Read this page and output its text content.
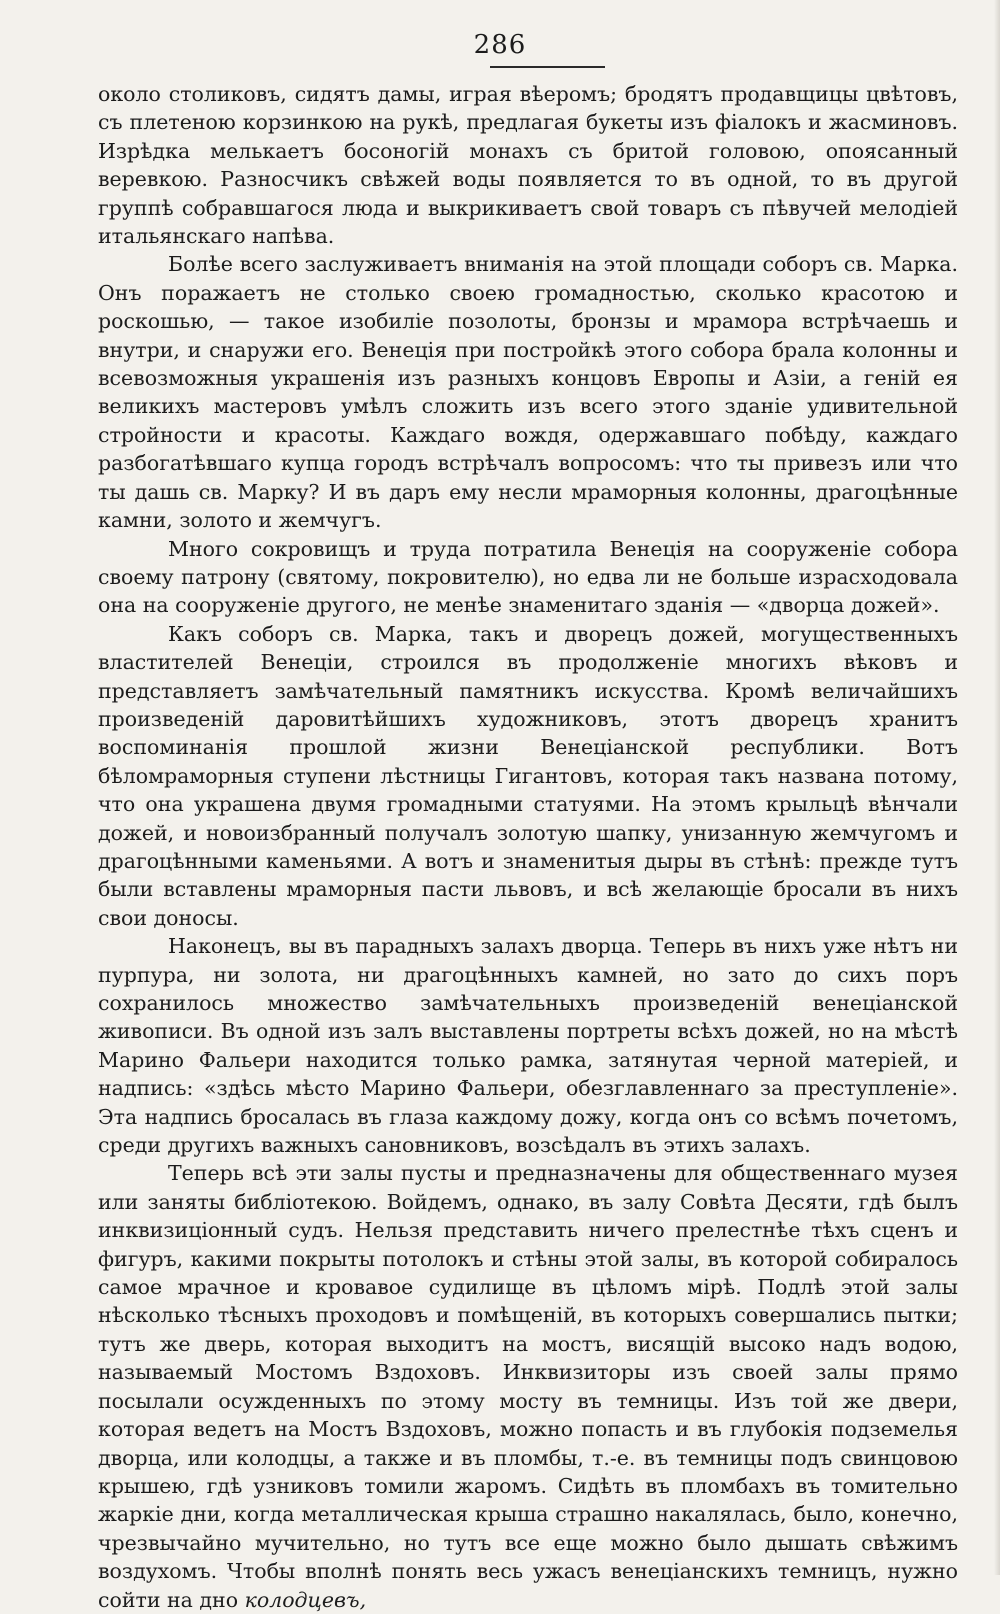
286

около столиковъ, сидятъ дамы, играя вѣеромъ; бродятъ продавщицы цвѣтовъ, съ плетеною корзинкою на рукѣ, предлагая букеты изъ фіалокъ и жасминовъ. Изрѣдка мелькаетъ босоногій монахъ съ бритой головою, опоясанный веревкою. Разносчикъ свѣжей воды появляется то въ одной, то въ другой группѣ собравшагося люда и выкрикиваетъ свой товаръ съ пѣвучей мелодіей итальянскаго напѣва.

Болѣе всего заслуживаетъ вниманія на этой площади соборъ св. Марка. Онъ поражаетъ не столько своею громадностью, сколько красотою и роскошью, — такое изобиліе позолоты, бронзы и мрамора встрѣчаешь и внутри, и снаружи его. Венеція при постройкѣ этого собора брала колонны и всевозможныя украшенія изъ разныхъ концовъ Европы и Азіи, а геній ея великихъ мастеровъ умѣлъ сложить изъ всего этого зданіе удивительной стройности и красоты. Каждаго вождя, одержавшаго побѣду, каждаго разбогатѣвшаго купца городъ встрѣчалъ вопросомъ: что ты привезъ или что ты дашь св. Марку? И въ даръ ему несли мраморныя колонны, драгоцѣнные камни, золото и жемчугъ.

Много сокровищъ и труда потратила Венеція на сооруженіе собора своему патрону (святому, покровителю), но едва ли не больше израсходовала она на сооруженіе другого, не менѣе знаменитаго зданія — «дворца дожей».

Какъ соборъ св. Марка, такъ и дворецъ дожей, могущественныхъ властителей Венеціи, строился въ продолженіе многихъ вѣковъ и представляетъ замѣчательный памятникъ искусства. Кромѣ величайшихъ произведеній даровитѣйшихъ художниковъ, этотъ дворецъ хранитъ воспоминанія прошлой жизни Венеціанской республики. Вотъ бѣломраморныя ступени лѣстницы Гигантовъ, которая такъ названа потому, что она украшена двумя громадными статуями. На этомъ крыльцѣ вѣнчали дожей, и новоизбранный получалъ золотую шапку, унизанную жемчугомъ и драгоцѣнными каменьями. А вотъ и знаменитыя дыры въ стѣнѣ: прежде тутъ были вставлены мраморныя пасти львовъ, и всѣ желающіе бросали въ нихъ свои доносы.

Наконецъ, вы въ парадныхъ залахъ дворца. Теперь въ нихъ уже нѣтъ ни пурпура, ни золота, ни драгоцѣнныхъ камней, но зато до сихъ поръ сохранилось множество замѣчательныхъ произведеній венеціанской живописи. Въ одной изъ залъ выставлены портреты всѣхъ дожей, но на мѣстѣ Марино Фальери находится только рамка, затянутая черной матеріей, и надпись: «здѣсь мѣсто Марино Фальери, обезглавленнаго за преступленіе». Эта надпись бросалась въ глаза каждому дожу, когда онъ со всѣмъ почетомъ, среди другихъ важныхъ сановниковъ, возсѣдалъ въ этихъ залахъ.

Теперь всѣ эти залы пусты и предназначены для общественнаго музея или заняты библіотекою. Войдемъ, однако, въ залу Совѣта Десяти, гдѣ былъ инквизиціонный судъ. Нельзя представить ничего прелестнѣе тѣхъ сценъ и фигуръ, какими покрыты потолокъ и стѣны этой залы, въ которой собиралось самое мрачное и кровавое судилище въ цѣломъ мірѣ. Подлѣ этой залы нѣсколько тѣсныхъ проходовъ и помѣщеній, въ которыхъ совершались пытки; тутъ же дверь, которая выходитъ на мостъ, висящій высоко надъ водою, называемый Мостомъ Вздоховъ. Инквизиторы изъ своей залы прямо посылали осужденныхъ по этому мосту въ темницы. Изъ той же двери, которая ведетъ на Мостъ Вздоховъ, можно попасть и въ глубокія подземелья дворца, или колодцы, а также и въ пломбы, т.-е. въ темницы подъ свинцовою крышею, гдѣ узниковъ томили жаромъ. Сидѣть въ пломбахъ въ томительно жаркіе дни, когда металлическая крыша страшно накалялась, было, конечно, чрезвычайно мучительно, но тутъ все еще можно было дышать свѣжимъ воздухомъ. Чтобы вполнѣ понять весь ужасъ венеціанскихъ темницъ, нужно сойти на дно колодцевъ,
